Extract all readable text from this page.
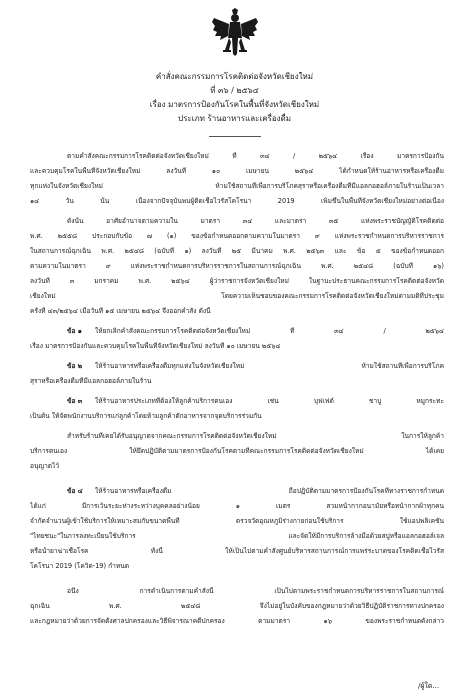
คำสั่งคณะกรรมการโรคติดต่อจังหวัดเชียงใหม่
ที่ ๓๖ / ๒๕๖๔
เรื่อง มาตรการป้องกันโรคในพื้นที่จังหวัดเชียงใหม่
ประเภท ร้านอาหารและเครื่องดื่ม
ตามคำสั่งคณะกรรมการโรคติดต่อจังหวัดเชียงใหม่ ที่ ๓๔ / ๒๕๖๔ เรื่อง มาตรการป้องกัน
และควบคุมโรคในพื้นที่จังหวัดเชียงใหม่ ลงวันที่ ๑๐ เมษายน ๒๕๖๔ ได้กำหนดให้ร้านอาหารหรือเครื่องดื่ม
ทุกแห่งในจังหวัดเชียงใหม่ ห้ามใช้สถานที่เพื่อการบริโภคสุราหรือเครื่องดื่มที่มีแอลกอฮอล์ภายในร้านเป็นเวลา
๑๔ วัน นั้น เนื่องจากปัจจุบันพบผู้ติดเชื้อไวรัสโคโรนา 2019 เพิ่มขึ้นในพื้นที่จังหวัดเชียงใหม่อย่างต่อเนื่อง
ดังนั้น อาศัยอำนาจตามความใน มาตรา ๓๔ และมาตรา ๓๕ แห่งพระราชบัญญัติโรคติดต่อ
พ.ศ. ๒๕๕๘ ประกอบกับข้อ ๗ (๑) ของข้อกำหนดออกตามความในมาตรา ๙ แห่งพระราชกำหนดการบริหารราชการ
ในสถานการณ์ฉุกเฉิน พ.ศ. ๒๕๔๘ (ฉบับที่ ๑) ลงวันที่ ๒๕ มีนาคม พ.ศ. ๒๕๖๓ และ ข้อ ๕ ของข้อกำหนดออก
ตามความในมาตรา ๙ แห่งพระราชกำหนดการบริหารราชการในสถานการณ์ฉุกเฉิน พ.ศ. ๒๕๔๘ (ฉบับที่ ๑๖)
ลงวันที่ ๓ มกราคม พ.ศ. ๒๕๖๔ ผู้ว่าราชการจังหวัดเชียงใหม่ ในฐานะประธานคณะกรรมการโรคติดต่อจังหวัด
เชียงใหม่ โดยความเห็นชอบของคณะกรรมการโรคติดต่อจังหวัดเชียงใหม่ตามมติที่ประชุม
ครั้งที่ ๔๓/๒๕๖๔ เมื่อวันที่ ๑๕ เมษายน ๒๕๖๔ จึงออกคำสั่ง ดังนี้
ข้อ ๑ ให้ยกเลิกคำสั่งคณะกรรมการโรคติดต่อจังหวัดเชียงใหม่ ที่ ๓๔ / ๒๕๖๔
เรื่อง มาตรการป้องกันและควบคุมโรคในพื้นที่จังหวัดเชียงใหม่ ลงวันที่ ๑๐ เมษายน ๒๕๖๔
ข้อ ๒ ให้ร้านอาหารหรือเครื่องดื่มทุกแห่งในจังหวัดเชียงใหม่ ห้ามใช้สถานที่เพื่อการบริโภค
สุราหรือเครื่องดื่มที่มีแอลกอฮอล์ภายในร้าน
ข้อ ๓ ให้ร้านอาหารประเภทที่ต้องให้ลูกค้าบริการตนเอง เช่น บุฟเฟต์ ชาบู หมูกระทะ
เป็นต้น ให้จัดพนักงานบริการแก่ลูกค้าโดยห้ามลูกค้าตักอาหารจากจุดบริการร่วมกัน
สำหรับร้านที่เคยได้รับอนุญาตจากคณะกรรมการโรคติดต่อจังหวัดเชียงใหม่ ในการให้ลูกค้า
บริการตนเอง ให้ยึดปฏิบัติตามมาตรการป้องกันโรคตามที่คณะกรรมการโรคติดต่อจังหวัดเชียงใหม่ ได้เคย
อนุญาตไว้
ข้อ ๔ ให้ร้านอาหารหรือเครื่องดื่ม ถือปฏิบัติตามมาตรการป้องกันโรคที่ทางราชการกำหนด
ได้แก่ มีการเว้นระยะห่างระหว่างบุคคลอย่างน้อย ๑ เมตร สวมหน้ากากอนามัยหรือหน้ากากผ้าทุกคน
จำกัดจำนวนผู้เข้าใช้บริการให้เหมาะสมกับขนาดพื้นที่ ตรวจวัดอุณหภูมิร่างกายก่อนใช้บริการ ใช้แอปพลิเคชัน
"ไทยชนะ"ในการลงทะเบียนใช้บริการ และจัดให้มีการบริการล้างมือด้วยสบู่หรือแอลกอฮอล์เจล
หรือน้ำยาฆ่าเชื้อโรค ทั้งนี้ ให้เป็นไปตามคำสั่งศูนย์บริหารสถานการณ์การแพร่ระบาดของโรคติดเชื้อไวรัส
โคโรนา 2019 (โควิด-19) กำหนด
อนึ่ง การดำเนินการตามคำสั่งนี้ เป็นไปตามพระราชกำหนดการบริหารราชการในสถานการณ์
ฉุกเฉิน พ.ศ. ๒๕๔๘ จึงไม่อยู่ในบังคับของกฎหมายว่าด้วยวิธีปฏิบัติราชการทางปกครอง
และกฎหมายว่าด้วยการจัดตั้งศาลปกครองและวิธีพิจารณาคดีปกครอง ตามมาตรา ๑๖ ของพระราชกำหนดดังกล่าว
/ผู้ใด...
